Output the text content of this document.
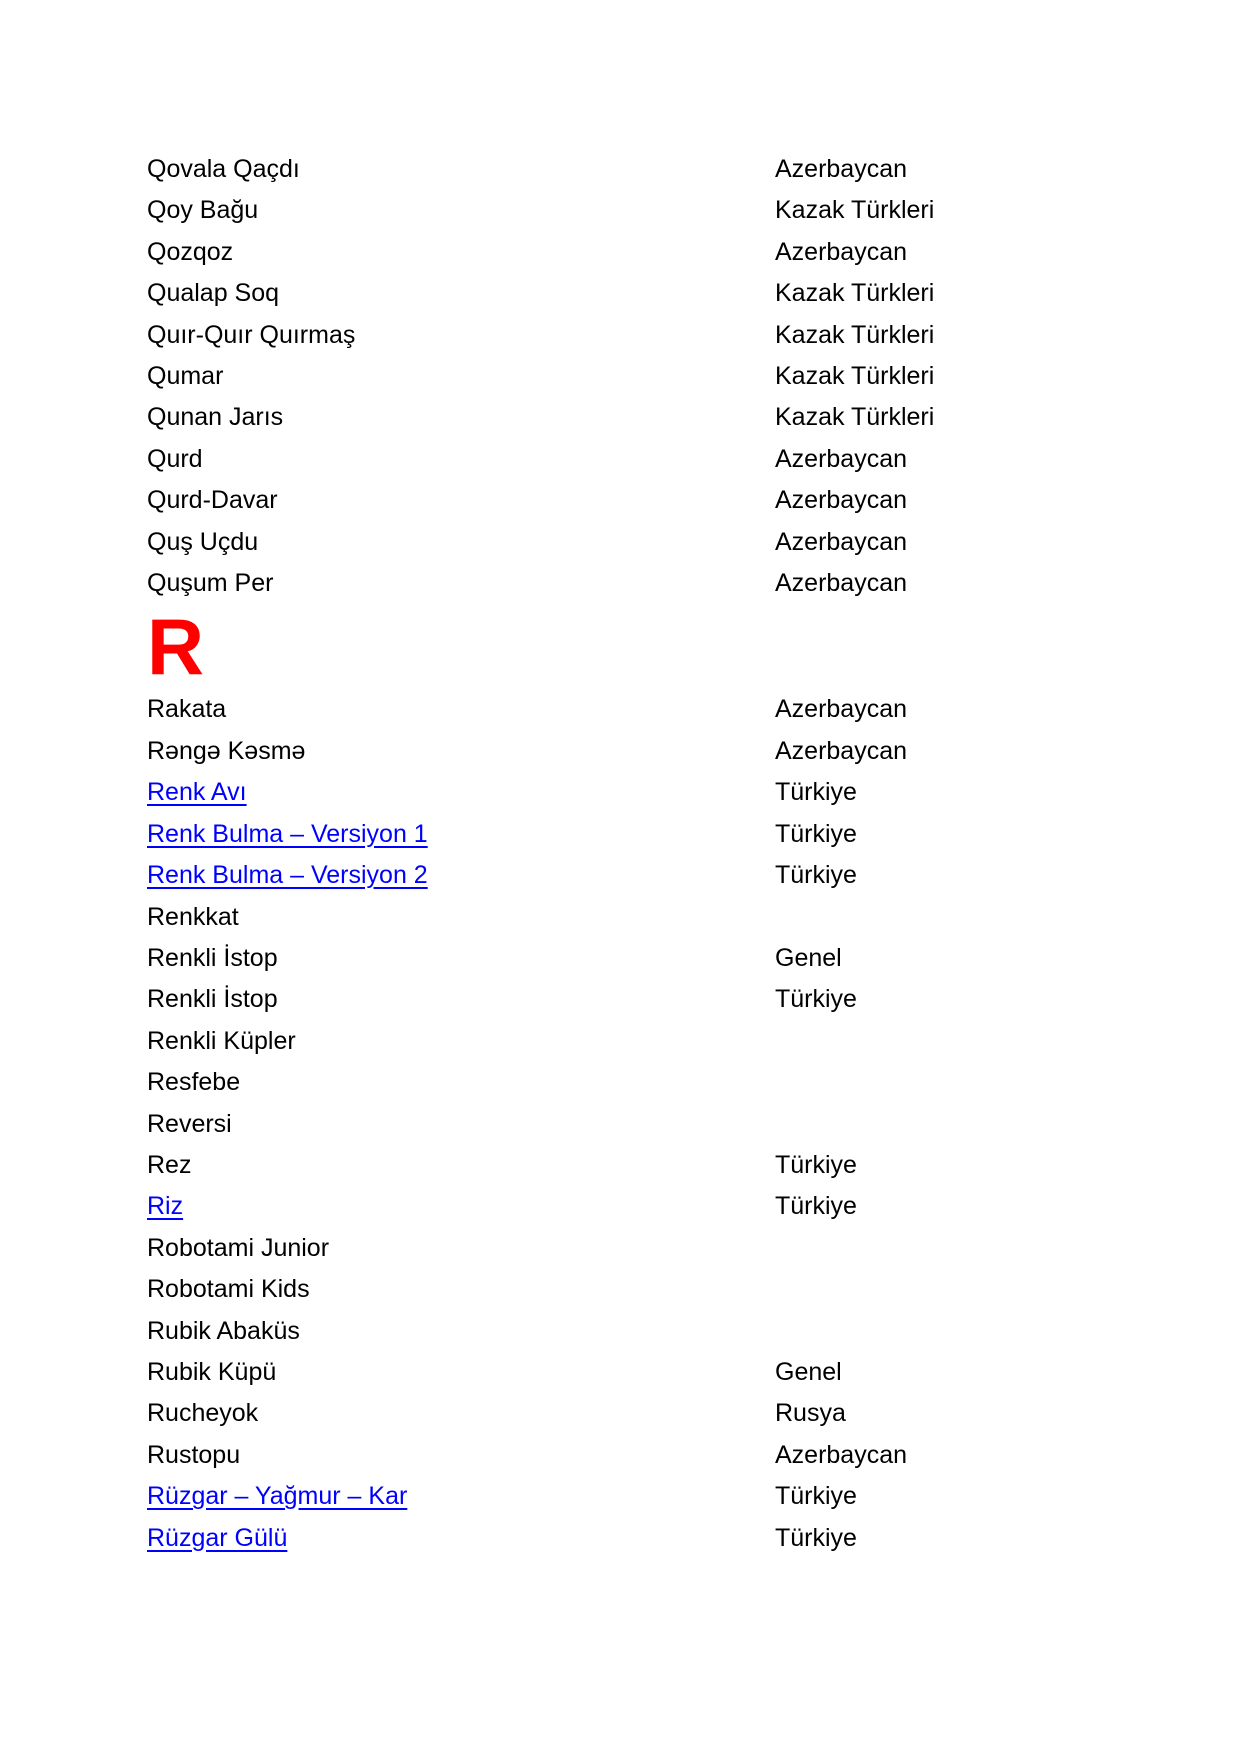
Qovala Qaçdı	Azerbaycan
Qoy Bağu	Kazak Türkleri
Qozqoz	Azerbaycan
Qualap Soq	Kazak Türkleri
Quır-Quır Quırmaş	Kazak Türkleri
Qumar	Kazak Türkleri
Qunan Jarıs	Kazak Türkleri
Qurd	Azerbaycan
Qurd-Davar	Azerbaycan
Quş Uçdu	Azerbaycan
Quşum Per	Azerbaycan
R
Rakata	Azerbaycan
Rəngə Kəsmə	Azerbaycan
Renk Avı	Türkiye
Renk Bulma – Versiyon 1	Türkiye
Renk Bulma – Versiyon 2	Türkiye
Renkkat
Renkli İstop	Genel
Renkli İstop	Türkiye
Renkli Küpler
Resfebe
Reversi
Rez	Türkiye
Riz	Türkiye
Robotami Junior
Robotami Kids
Rubik Abaküs
Rubik Küpü	Genel
Rucheyok	Rusya
Rustopu	Azerbaycan
Rüzgar – Yağmur – Kar	Türkiye
Rüzgar Gülü	Türkiye
